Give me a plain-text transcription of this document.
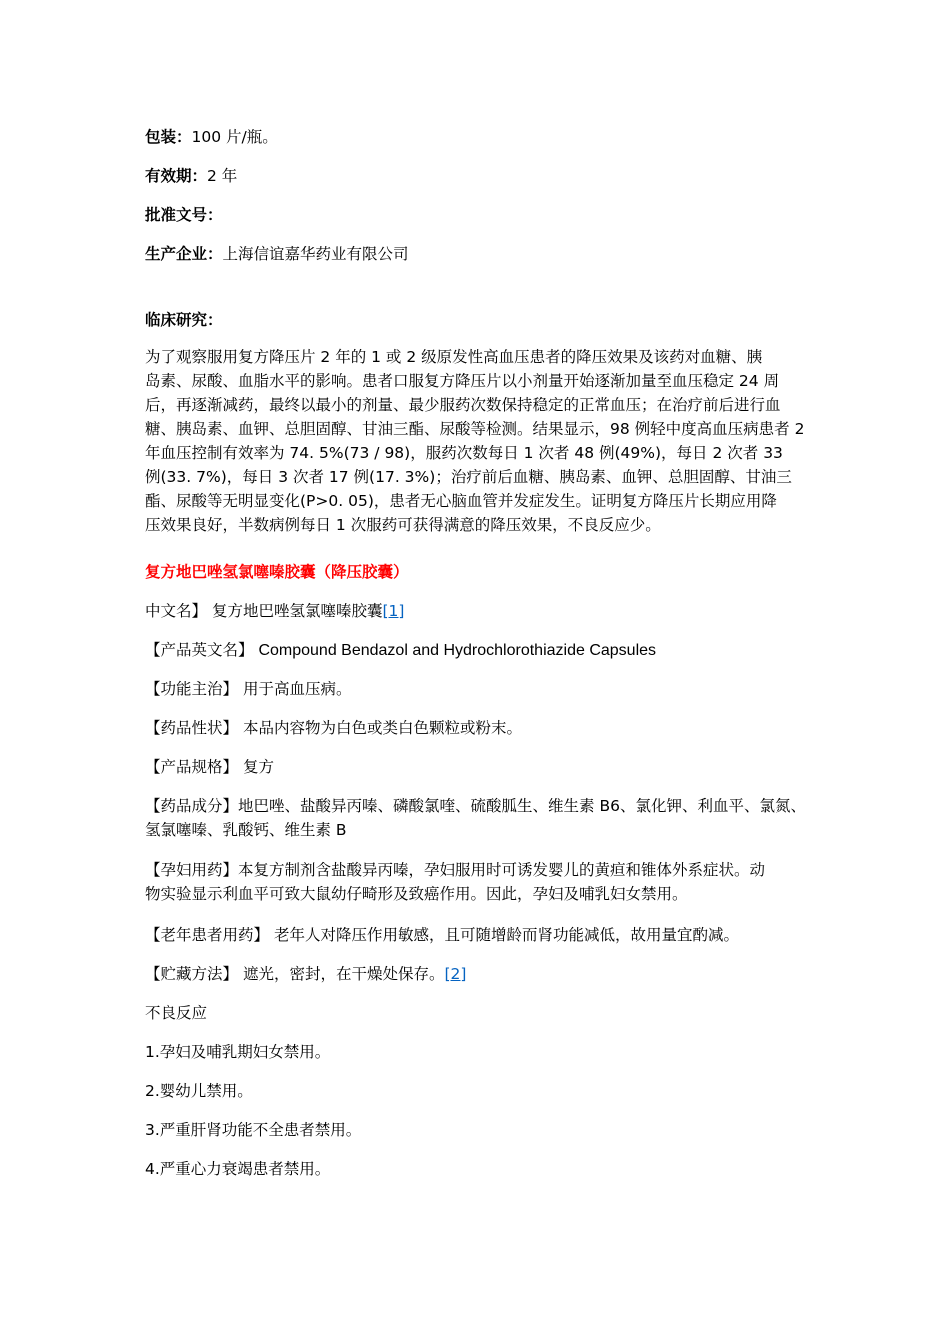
包装：100 片/瓶。

有效期：2 年

批准文号：

生产企业：上海信谊嘉华药业有限公司

临床研究：

为了观察服用复方降压片 2 年的 1 或 2 级原发性高血压患者的降压效果及该药对血糖、胰

岛素、尿酸、血脂水平的影响。患者口服复方降压片以小剂量开始逐渐加量至血压稳定 24 周

后，再逐渐减药，最终以最小的剂量、最少服药次数保持稳定的正常血压；在治疗前后进行血

糖、胰岛素、血钾、总胆固醇、甘油三酯、尿酸等检测。结果显示，98 例轻中度高血压病患者 2

年血压控制有效率为 74. 5%(73 / 98)，服药次数每日 1 次者 48 例(49%)，每日 2 次者 33

例(33. 7%)，每日 3 次者 17 例(17. 3%)；治疗前后血糖、胰岛素、血钾、总胆固醇、甘油三

酯、尿酸等无明显变化(P>0. 05)，患者无心脑血管并发症发生。证明复方降压片长期应用降

压效果良好，半数病例每日 1 次服药可获得满意的降压效果，不良反应少。

复方地巴唑氢氯噻嗪胶囊（降压胶囊）

中文名】 复方地巴唑氢氯噻嗪胶囊[1]

【产品英文名】 Compound Bendazol and Hydrochlorothiazide Capsules

【功能主治】 用于高血压病。

【药品性状】 本品内容物为白色或类白色颗粒或粉末。

【产品规格】 复方

【药品成分】地巴唑、盐酸异丙嗪、磷酸氯喹、硫酸胍生、维生素 B6、氯化钾、利血平、氯氮、

氢氯噻嗪、乳酸钙、维生素 B

【孕妇用药】本复方制剂含盐酸异丙嗪，孕妇服用时可诱发婴儿的黄疸和锥体外系症状。动

物实验显示利血平可致大鼠幼仔畸形及致癌作用。因此，孕妇及哺乳妇女禁用。

【老年患者用药】 老年人对降压作用敏感，且可随增龄而肾功能减低，故用量宜酌减。

【贮藏方法】 遮光，密封，在干燥处保存。[2]

不良反应

1.孕妇及哺乳期妇女禁用。

2.婴幼儿禁用。

3.严重肝肾功能不全患者禁用。

4.严重心力衰竭患者禁用。
